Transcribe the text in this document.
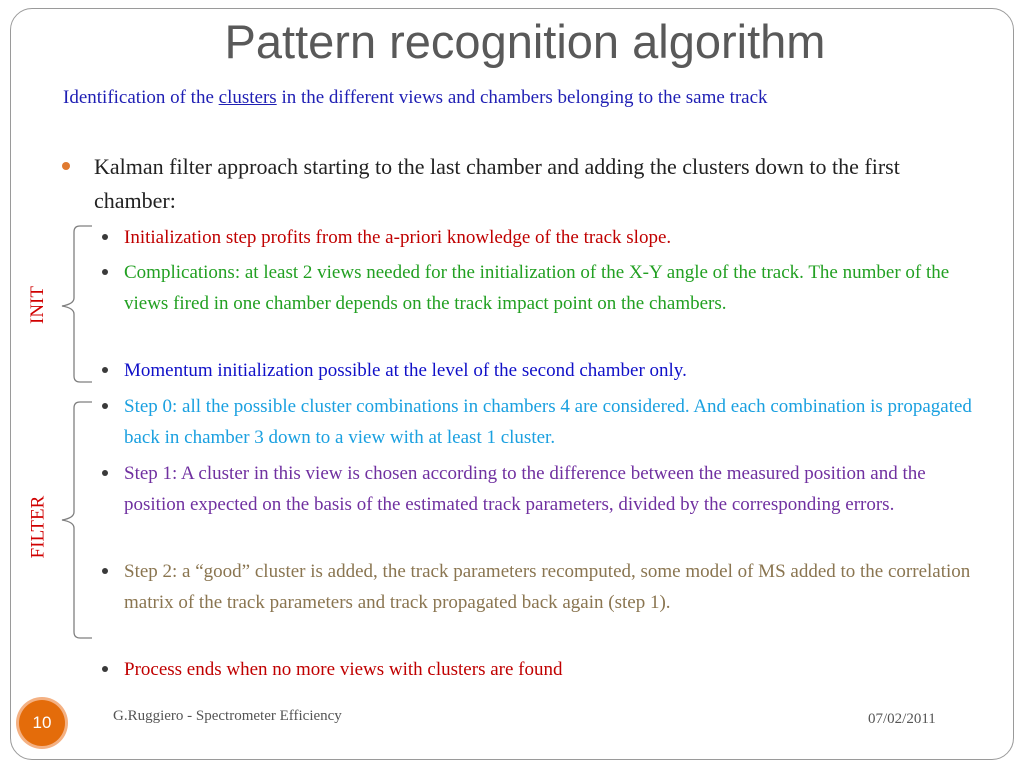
Pattern recognition algorithm
Identification of the clusters in the different views and chambers belonging to the same track
Kalman filter approach starting to the last chamber and adding the clusters down to the first chamber:
Initialization step profits from the a-priori knowledge of the track slope.
Complications: at least 2 views needed for the initialization of the X-Y angle of the track. The number of the views fired in one chamber depends on the track impact point on the chambers.
Momentum initialization possible at the level of the second chamber only.
Step 0: all the possible cluster combinations in chambers 4 are considered. And each combination is propagated back in chamber 3 down to a view with at least 1 cluster.
Step 1: A cluster in this view is chosen according to the difference between the measured position and the position expected on the basis of the estimated track parameters, divided by the corresponding errors.
Step 2: a “good” cluster is added, the track parameters recomputed, some model of MS added to the correlation matrix of the track parameters and track propagated back again (step 1).
Process ends when no more views with clusters are found
INIT
FILTER
10	G.Ruggiero - Spectrometer Efficiency	07/02/2011
